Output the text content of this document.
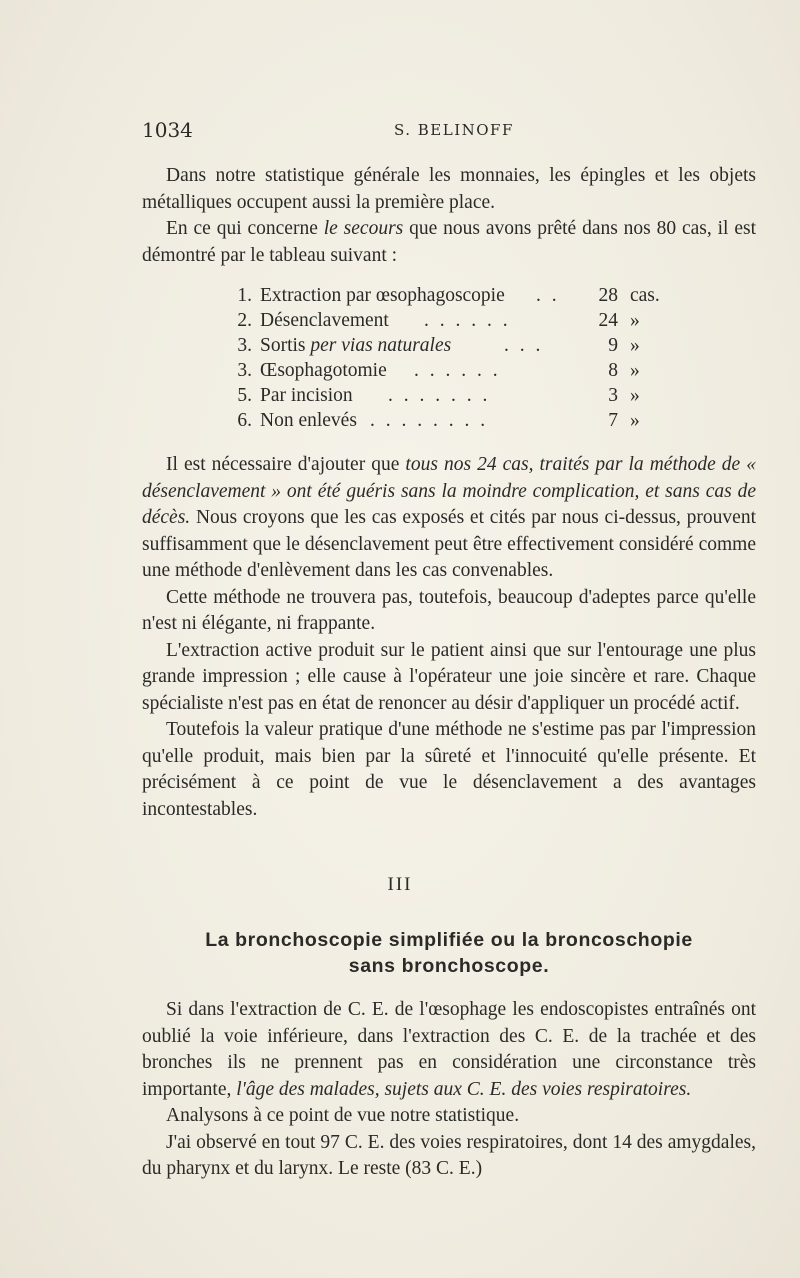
1034	S. BELINOFF

Dans notre statistique générale les monnaies, les épingles et les objets métalliques occupent aussi la première place.

En ce qui concerne le secours que nous avons prêté dans nos 80 cas, il est démontré par le tableau suivant :

1. Extraction par œsophagoscopie . .	28 cas.
2. Désenclavement . . . . . .	24 »
3. Sortis per vias naturales	. . .	9 »
3. Œsophagotomie . . . . . .	8 »
5. Par incision . . . . . . .	3 »
6. Non enlevés . . . . . . . .	7 »

Il est nécessaire d'ajouter que tous nos 24 cas, traités par la méthode de « désenclavement » ont été guéris sans la moindre complication, et sans cas de décès. Nous croyons que les cas exposés et cités par nous ci-dessus, prouvent suffisamment que le désenclavement peut être effectivement considéré comme une méthode d'enlèvement dans les cas convenables.

Cette méthode ne trouvera pas, toutefois, beaucoup d'adeptes parce qu'elle n'est ni élégante, ni frappante.

L'extraction active produit sur le patient ainsi que sur l'entourage une plus grande impression ; elle cause à l'opérateur une joie sincère et rare. Chaque spécialiste n'est pas en état de renoncer au désir d'appliquer un procédé actif.

Toutefois la valeur pratique d'une méthode ne s'estime pas par l'impression qu'elle produit, mais bien par la sûreté et l'innocuité qu'elle présente. Et précisément à ce point de vue le désenclavement a des avantages incontestables.

III
La bronchoscopie simplifiée ou la broncoschopie
sans bronchoscope.

Si dans l'extraction de C. E. de l'œsophage les endoscopistes entraînés ont oublié la voie inférieure, dans l'extraction des C. E. de la trachée et des bronches ils ne prennent pas en considération une circonstance très importante, l'âge des malades, sujets aux C. E. des voies respiratoires.

Analysons à ce point de vue notre statistique.

J'ai observé en tout 97 C. E. des voies respiratoires, dont 14 des amygdales, du pharynx et du larynx. Le reste (83 C. E.)
